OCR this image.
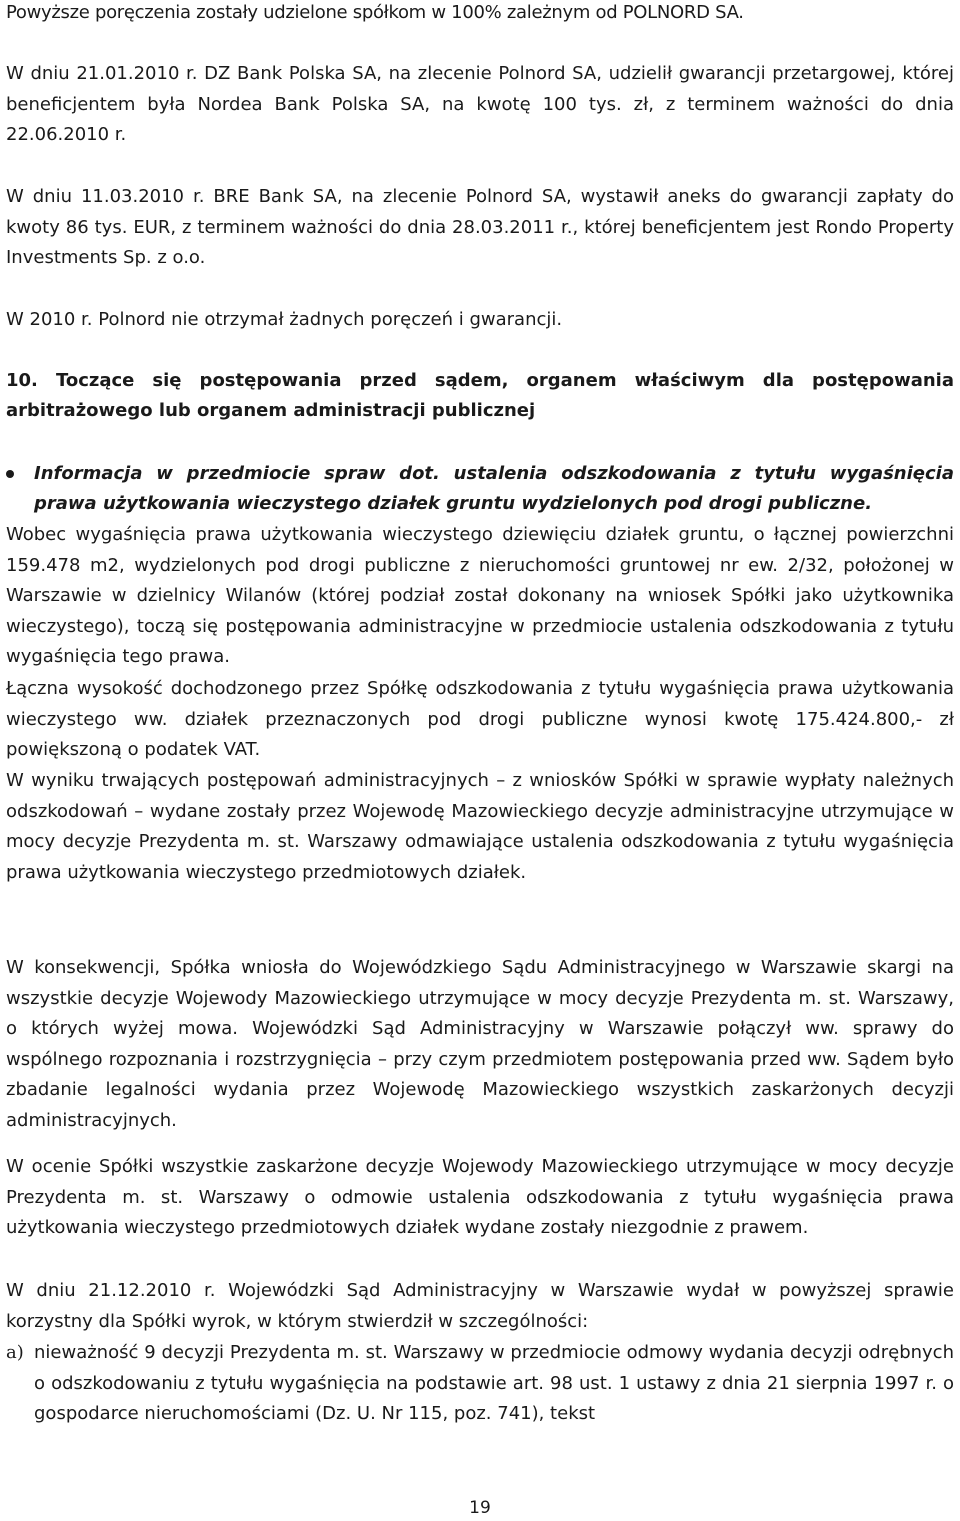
Powyższe poręczenia zostały udzielone spółkom w 100% zależnym od POLNORD SA.

W dniu 21.01.2010 r. DZ Bank Polska SA, na zlecenie Polnord SA, udzielił gwarancji przetargowej, której beneficjentem była Nordea Bank Polska SA, na kwotę 100 tys. zł, z terminem ważności do dnia 22.06.2010 r.

W dniu 11.03.2010 r. BRE Bank SA, na zlecenie Polnord SA, wystawił aneks do gwarancji zapłaty do kwoty 86 tys. EUR, z terminem ważności do dnia 28.03.2011 r., której beneficjentem jest Rondo Property Investments Sp. z o.o.

W 2010 r. Polnord nie otrzymał żadnych poręczeń i gwarancji.

10. Toczące się postępowania przed sądem, organem właściwym dla postępowania arbitrażowego lub organem administracji publicznej

Informacja w przedmiocie spraw dot. ustalenia odszkodowania z tytułu wygaśnięcia prawa użytkowania wieczystego działek gruntu wydzielonych pod drogi publiczne.

Wobec wygaśnięcia prawa użytkowania wieczystego dziewięciu działek gruntu, o łącznej powierzchni 159.478 m2, wydzielonych pod drogi publiczne z nieruchomości gruntowej nr ew. 2/32, położonej w Warszawie w dzielnicy Wilanów (której podział został dokonany na wniosek Spółki jako użytkownika wieczystego), toczą się postępowania administracyjne w przedmiocie ustalenia odszkodowania z tytułu wygaśnięcia tego prawa.

Łączna wysokość dochodzonego przez Spółkę odszkodowania z tytułu wygaśnięcia prawa użytkowania wieczystego ww. działek przeznaczonych pod drogi publiczne wynosi kwotę 175.424.800,- zł powiększoną o podatek VAT.

W wyniku trwających postępowań administracyjnych – z wniosków Spółki w sprawie wypłaty należnych odszkodowań – wydane zostały przez Wojewodę Mazowieckiego decyzje administracyjne utrzymujące w mocy decyzje Prezydenta m. st. Warszawy odmawiające ustalenia odszkodowania z tytułu wygaśnięcia prawa użytkowania wieczystego przedmiotowych działek.

W konsekwencji, Spółka wniosła do Wojewódzkiego Sądu Administracyjnego w Warszawie skargi na wszystkie decyzje Wojewody Mazowieckiego utrzymujące w mocy decyzje Prezydenta m. st. Warszawy, o których wyżej mowa. Wojewódzki Sąd Administracyjny w Warszawie połączył ww. sprawy do wspólnego rozpoznania i rozstrzygnięcia – przy czym przedmiotem postępowania przed ww. Sądem było zbadanie legalności wydania przez Wojewodę Mazowieckiego wszystkich zaskarżonych decyzji administracyjnych.

W ocenie Spółki wszystkie zaskarżone decyzje Wojewody Mazowieckiego utrzymujące w mocy decyzje Prezydenta m. st. Warszawy o odmowie ustalenia odszkodowania z tytułu wygaśnięcia prawa użytkowania wieczystego przedmiotowych działek wydane zostały niezgodnie z prawem.

W dniu 21.12.2010 r. Wojewódzki Sąd Administracyjny w Warszawie wydał w powyższej sprawie korzystny dla Spółki wyrok, w którym stwierdził w szczególności:

a) nieważność 9 decyzji Prezydenta m. st. Warszawy w przedmiocie odmowy wydania decyzji odrębnych o odszkodowaniu z tytułu wygaśnięcia na podstawie art. 98 ust. 1 ustawy z dnia 21 sierpnia 1997 r. o gospodarce nieruchomościami (Dz. U. Nr 115, poz. 741), tekst

19
